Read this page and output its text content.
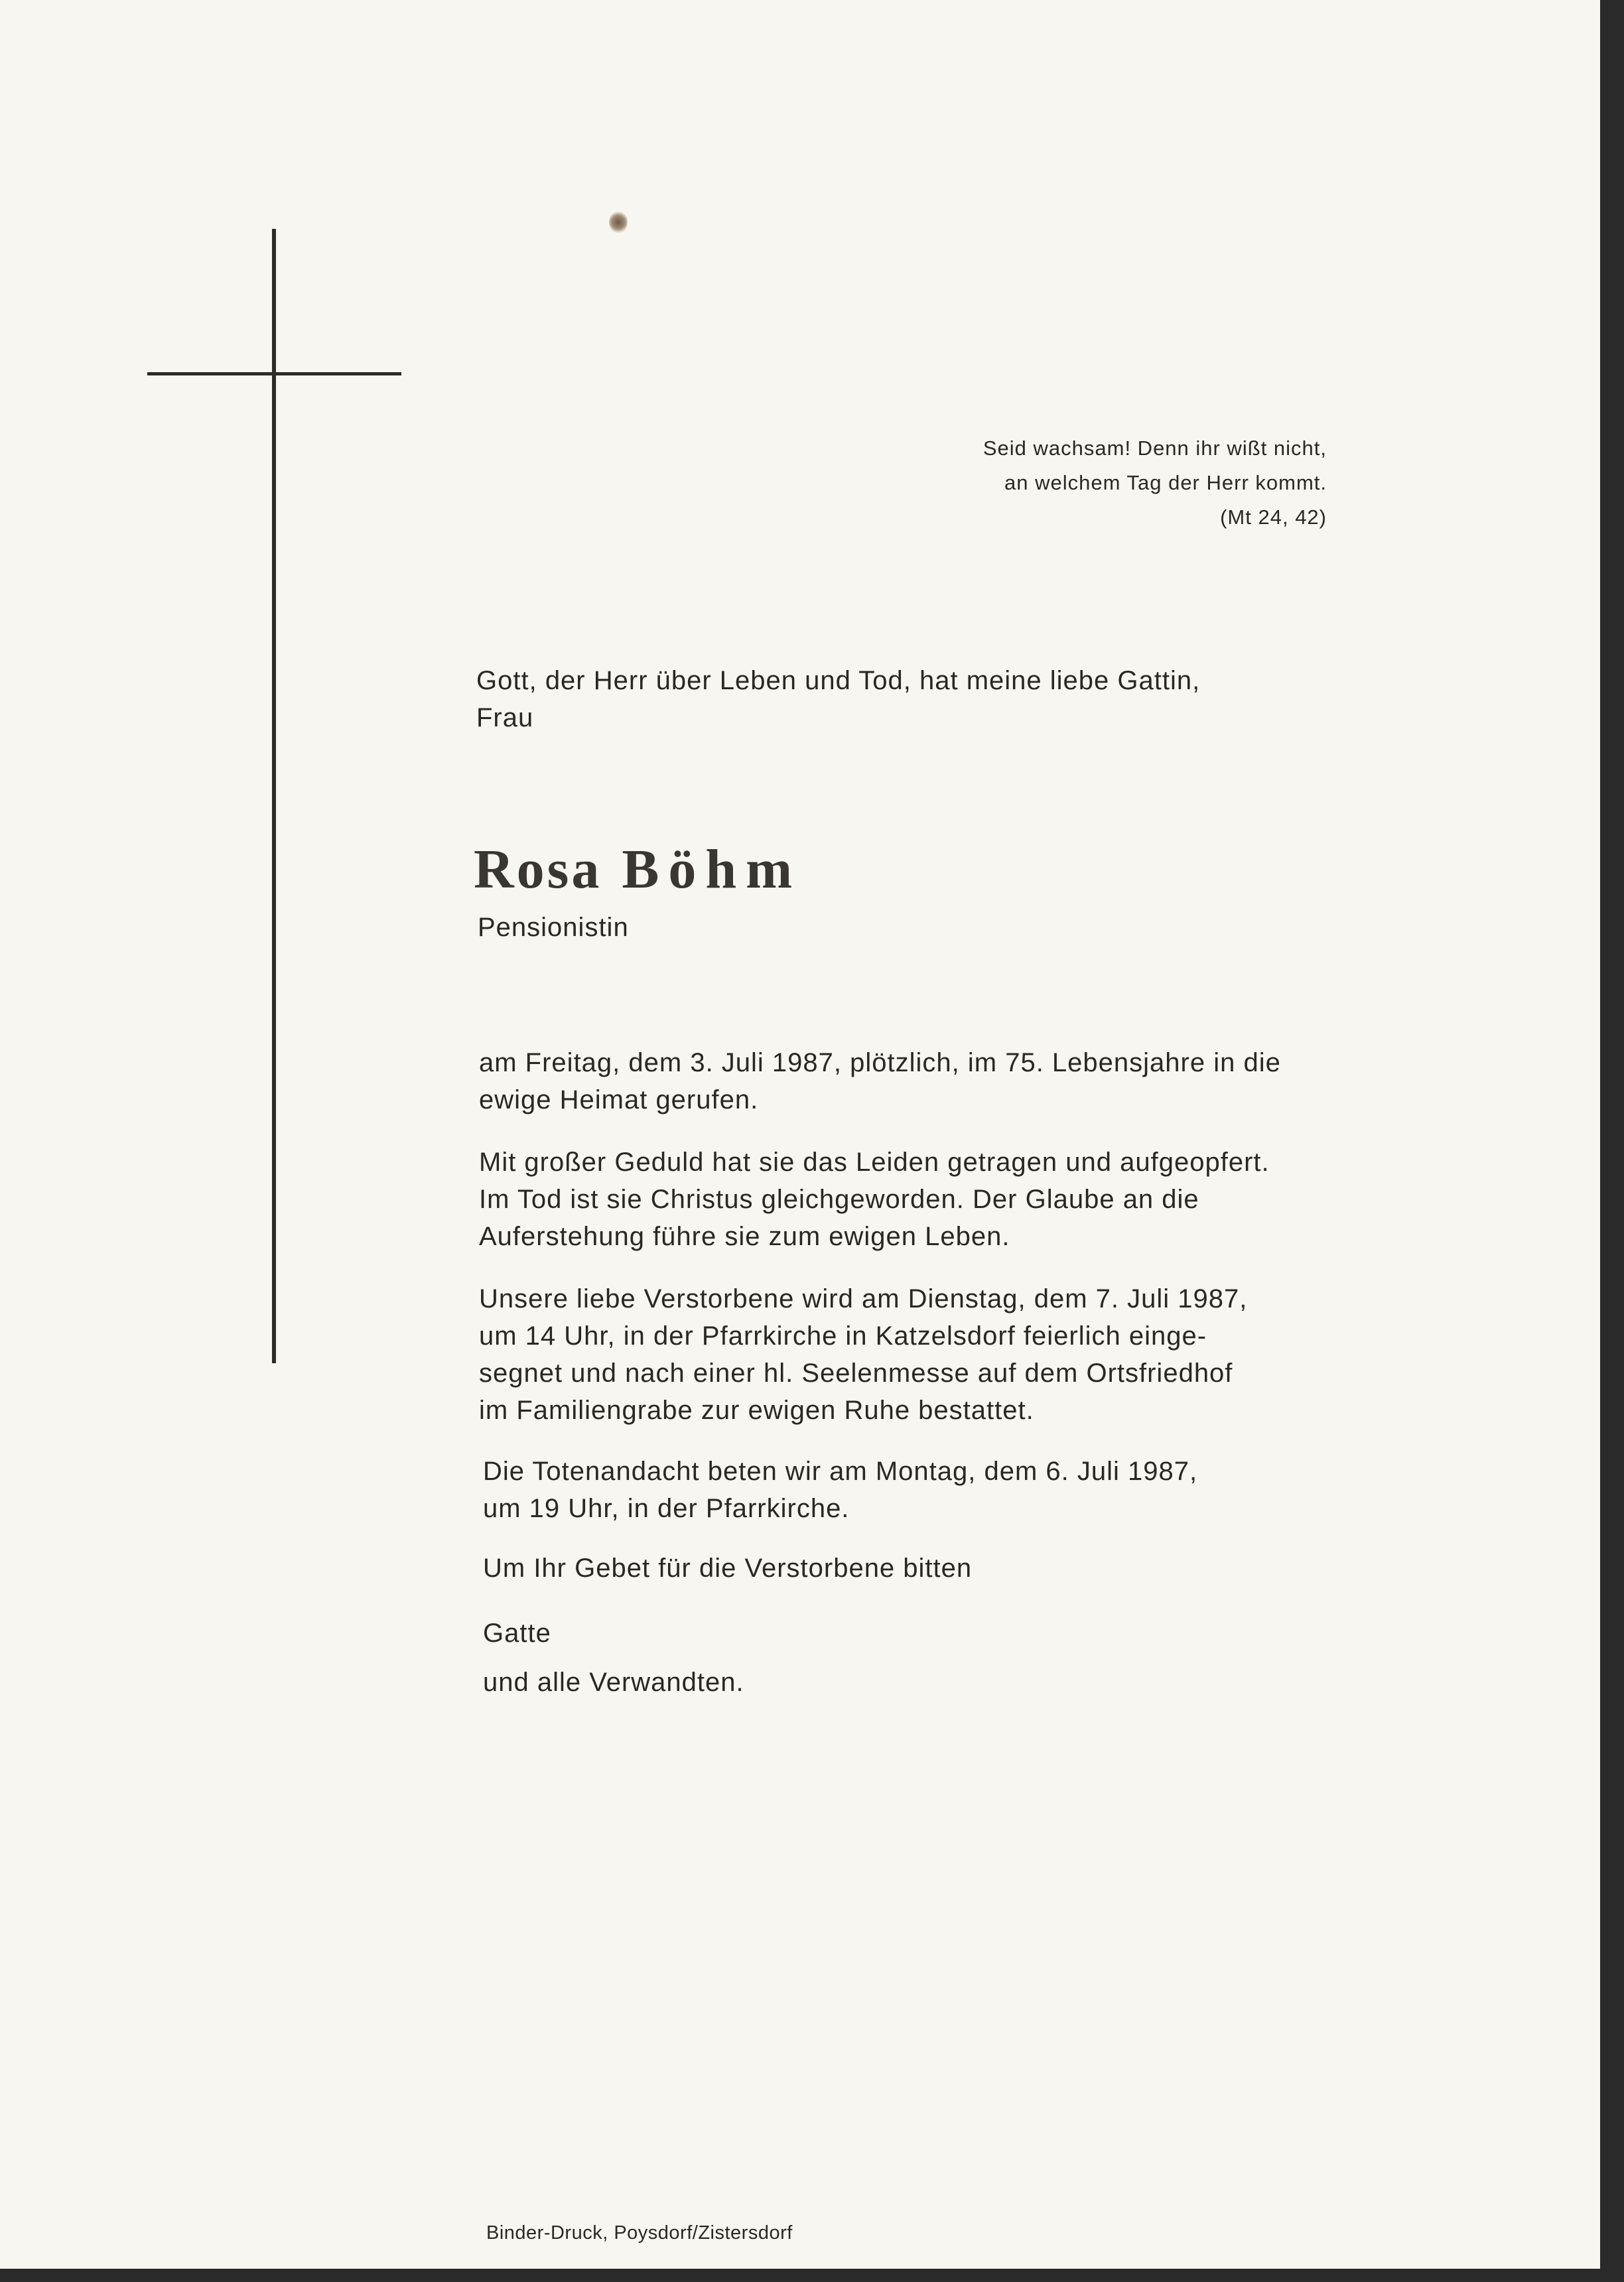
Seid wachsam! Denn ihr wißt nicht,
an welchem Tag der Herr kommt.
(Mt 24, 42)
Gott, der Herr über Leben und Tod, hat meine liebe Gattin,
Frau
Rosa Böhm
Pensionistin
am Freitag, dem 3. Juli 1987, plötzlich, im 75. Lebensjahre in die
ewige Heimat gerufen.
Mit großer Geduld hat sie das Leiden getragen und aufgeopfert.
Im Tod ist sie Christus gleichgeworden. Der Glaube an die
Auferstehung führe sie zum ewigen Leben.
Unsere liebe Verstorbene wird am Dienstag, dem 7. Juli 1987,
um 14 Uhr, in der Pfarrkirche in Katzelsdorf feierlich einge-
segnet und nach einer hl. Seelenmesse auf dem Ortsfriedhof
im Familiengrabe zur ewigen Ruhe bestattet.
Die Totenandacht beten wir am Montag, dem 6. Juli 1987,
um 19 Uhr, in der Pfarrkirche.
Um Ihr Gebet für die Verstorbene bitten
Gatte
und alle Verwandten.
Binder-Druck, Poysdorf/Zistersdorf
